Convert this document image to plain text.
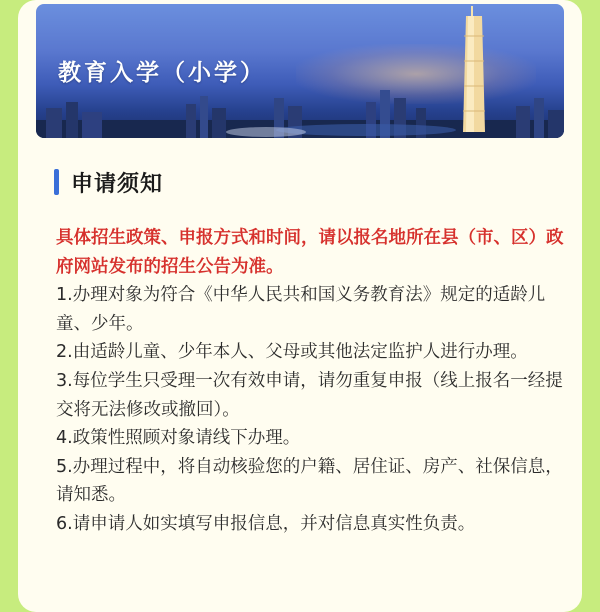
教育入学（小学）
申请须知

具体招生政策、申报方式和时间，请以报名地所在县（市、区）政府网站发布的招生公告为准。

1.办理对象为符合《中华人民共和国义务教育法》规定的适龄儿童、少年。

2.由适龄儿童、少年本人、父母或其他法定监护人进行办理。

3.每位学生只受理一次有效申请，请勿重复申报（线上报名一经提交将无法修改或撤回）。

4.政策性照顾对象请线下办理。

5.办理过程中，将自动核验您的户籍、居住证、房产、社保信息，请知悉。

6.请申请人如实填写申报信息，并对信息真实性负责。
